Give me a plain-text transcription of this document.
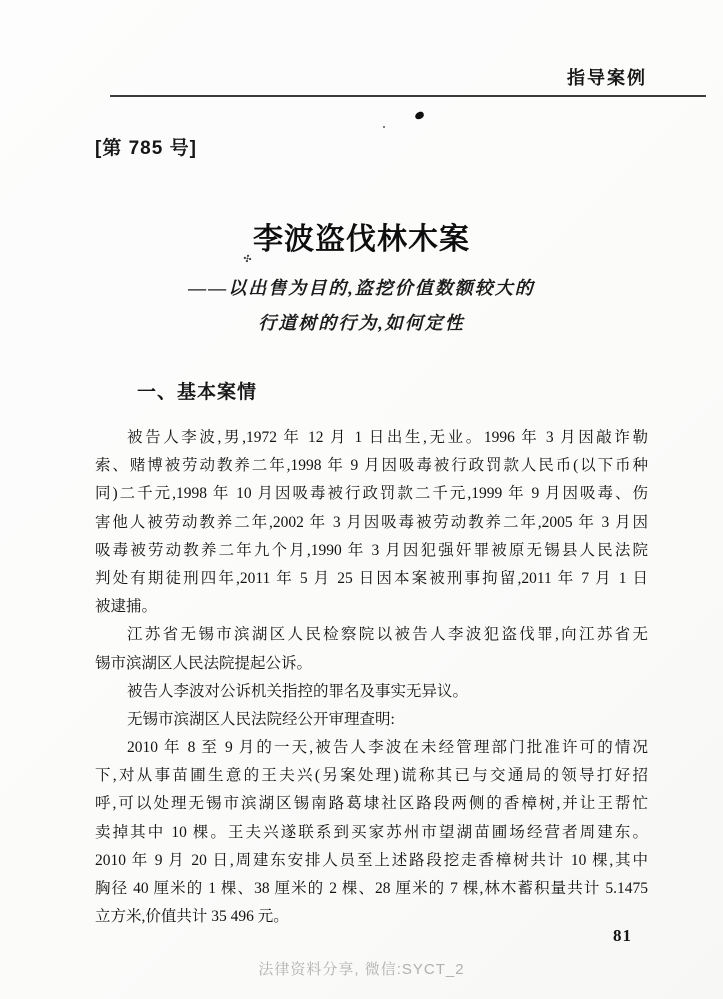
指导案例
✣
[第 785 号]
李波盗伐林木案
——以出售为目的,盗挖价值数额较大的
行道树的行为,如何定性
一、基本案情
被告人李波,男,1972 年 12 月 1 日出生,无业。1996 年 3 月因敲诈勒
索、赌博被劳动教养二年,1998 年 9 月因吸毒被行政罚款人民币(以下币种
同)二千元,1998 年 10 月因吸毒被行政罚款二千元,1999 年 9 月因吸毒、伤
害他人被劳动教养二年,2002 年 3 月因吸毒被劳动教养二年,2005 年 3 月因
吸毒被劳动教养二年九个月,1990 年 3 月因犯强奸罪被原无锡县人民法院
判处有期徒刑四年,2011 年 5 月 25 日因本案被刑事拘留,2011 年 7 月 1 日
被逮捕。
江苏省无锡市滨湖区人民检察院以被告人李波犯盗伐罪,向江苏省无
锡市滨湖区人民法院提起公诉。
被告人李波对公诉机关指控的罪名及事实无异议。
无锡市滨湖区人民法院经公开审理查明:
2010 年 8 至 9 月的一天,被告人李波在未经管理部门批准许可的情况
下,对从事苗圃生意的王夫兴(另案处理)谎称其已与交通局的领导打好招
呼,可以处理无锡市滨湖区锡南路葛埭社区路段两侧的香樟树,并让王帮忙
卖掉其中 10 棵。王夫兴遂联系到买家苏州市望湖苗圃场经营者周建东。
2010 年 9 月 20 日,周建东安排人员至上述路段挖走香樟树共计 10 棵,其中
胸径 40 厘米的 1 棵、38 厘米的 2 棵、28 厘米的 7 棵,林木蓄积量共计 5.1475
立方米,价值共计 35 496 元。
81
法律资料分享, 微信:SYCT_2
